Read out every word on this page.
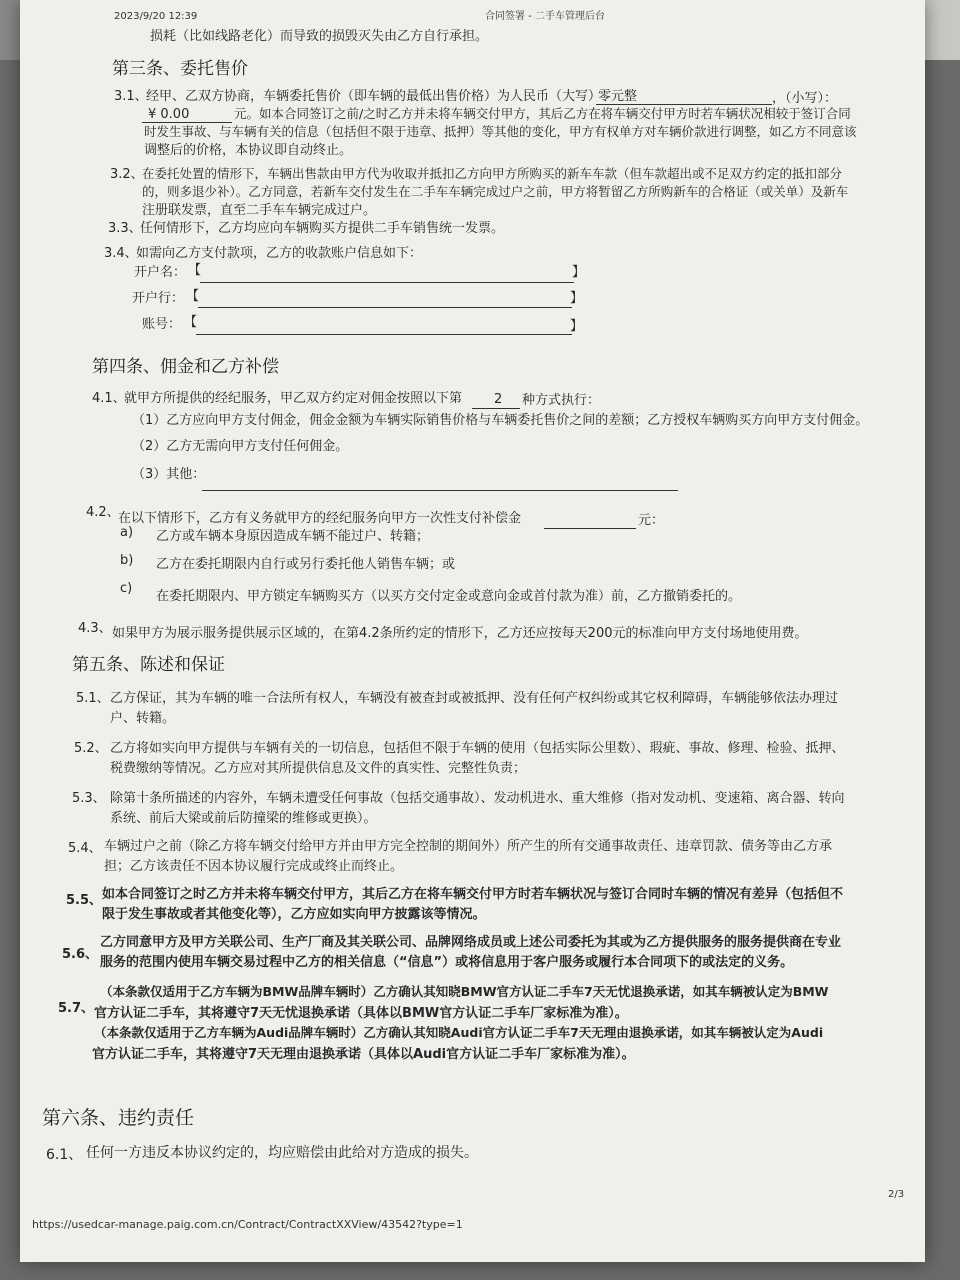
2023/9/20 12:39	合同签署 - 二手车管理后台
损耗（比如线路老化）而导致的损毁灭失由乙方自行承担。
第三条、委托售价
3.1、
经甲、乙双方协商，车辆委托售价（即车辆的最低出售价格）为人民币（大写）
零元整	，（小写）：
¥ 0.00	元。如本合同签订之前/之时乙方并未将车辆交付甲方，其后乙方在将车辆交付甲方时若车辆状况相较于签订合同
时发生事故、与车辆有关的信息（包括但不限于违章、抵押）等其他的变化，甲方有权单方对车辆价款进行调整，如乙方不同意该
调整后的价格，本协议即自动终止。
3.2、
在委托处置的情形下，车辆出售款由甲方代为收取并抵扣乙方向甲方所购买的新车车款（但车款超出或不足双方约定的抵扣部分
的，则多退少补）。乙方同意，若新车交付发生在二手车车辆完成过户之前，甲方将暂留乙方所购新车的合格证（或关单）及新车
注册联发票，直至二手车车辆完成过户。
3.3、
任何情形下，乙方均应向车辆购买方提供二手车销售统一发票。
3.4、
如需向乙方支付款项，乙方的收款账户信息如下：
开户名： 【	】
开户行： 【	】
账号： 【	】
第四条、佣金和乙方补偿
4.1、
就甲方所提供的经纪服务，甲乙双方约定对佣金按照以下第 2 种方式执行：
（1）乙方应向甲方支付佣金，佣金金额为车辆实际销售价格与车辆委托售价之间的差额；乙方授权车辆购买方向甲方支付佣金。
（2）乙方无需向甲方支付任何佣金。
（3）其他：
4.2、
在以下情形下，乙方有义务就甲方的经纪服务向甲方一次性支付补偿金	元：
a) 乙方或车辆本身原因造成车辆不能过户、转籍；
b) 乙方在委托期限内自行或另行委托他人销售车辆；或
c)
在委托期限内、甲方锁定车辆购买方（以买方交付定金或意向金或首付款为准）前，乙方撤销委托的。
4.3、 如果甲方为展示服务提供展示区域的，在第4.2条所约定的情形下，乙方还应按每天200元的标准向甲方支付场地使用费。
第五条、陈述和保证
5.1、 乙方保证，其为车辆的唯一合法所有权人，车辆没有被查封或被抵押、没有任何产权纠纷或其它权利障碍，车辆能够依法办理过
户、转籍。
5.2、 乙方将如实向甲方提供与车辆有关的一切信息，包括但不限于车辆的使用（包括实际公里数）、瑕疵、事故、修理、检验、抵押、
税费缴纳等情况。乙方应对其所提供信息及文件的真实性、完整性负责；
5.3、 除第十条所描述的内容外，车辆未遭受任何事故（包括交通事故）、发动机进水、重大维修（指对发动机、变速箱、离合器、转向
系统、前后大梁或前后防撞梁的维修或更换）。
5.4、 车辆过户之前（除乙方将车辆交付给甲方并由甲方完全控制的期间外）所产生的所有交通事故责任、违章罚款、债务等由乙方承
担；乙方该责任不因本协议履行完成或终止而终止。
5.5、 如本合同签订之时乙方并未将车辆交付甲方，其后乙方在将车辆交付甲方时若车辆状况与签订合同时车辆的情况有差异（包括但不
限于发生事故或者其他变化等），乙方应如实向甲方披露该等情况。
5.6、
乙方同意甲方及甲方关联公司、生产厂商及其关联公司、品牌网络成员或上述公司委托为其或为乙方提供服务的服务提供商在专业
服务的范围内使用车辆交易过程中乙方的相关信息（“信息”）或将信息用于客户服务或履行本合同项下的或法定的义务。
5.7、
（本条款仅适用于乙方车辆为BMW品牌车辆时）乙方确认其知晓BMW官方认证二手车7天无忧退换承诺，如其车辆被认定为BMW
官方认证二手车，其将遵守7天无忧退换承诺（具体以BMW官方认证二手车厂家标准为准）。
（本条款仅适用于乙方车辆为Audi品牌车辆时）乙方确认其知晓Audi官方认证二手车7天无理由退换承诺，如其车辆被认定为Audi
官方认证二手车，其将遵守7天无理由退换承诺（具体以Audi官方认证二手车厂家标准为准）。
第六条、违约责任
6.1、 任何一方违反本协议约定的，均应赔偿由此给对方造成的损失。
2/3
https://usedcar-manage.paig.com.cn/Contract/ContractXXView/43542?type=1
